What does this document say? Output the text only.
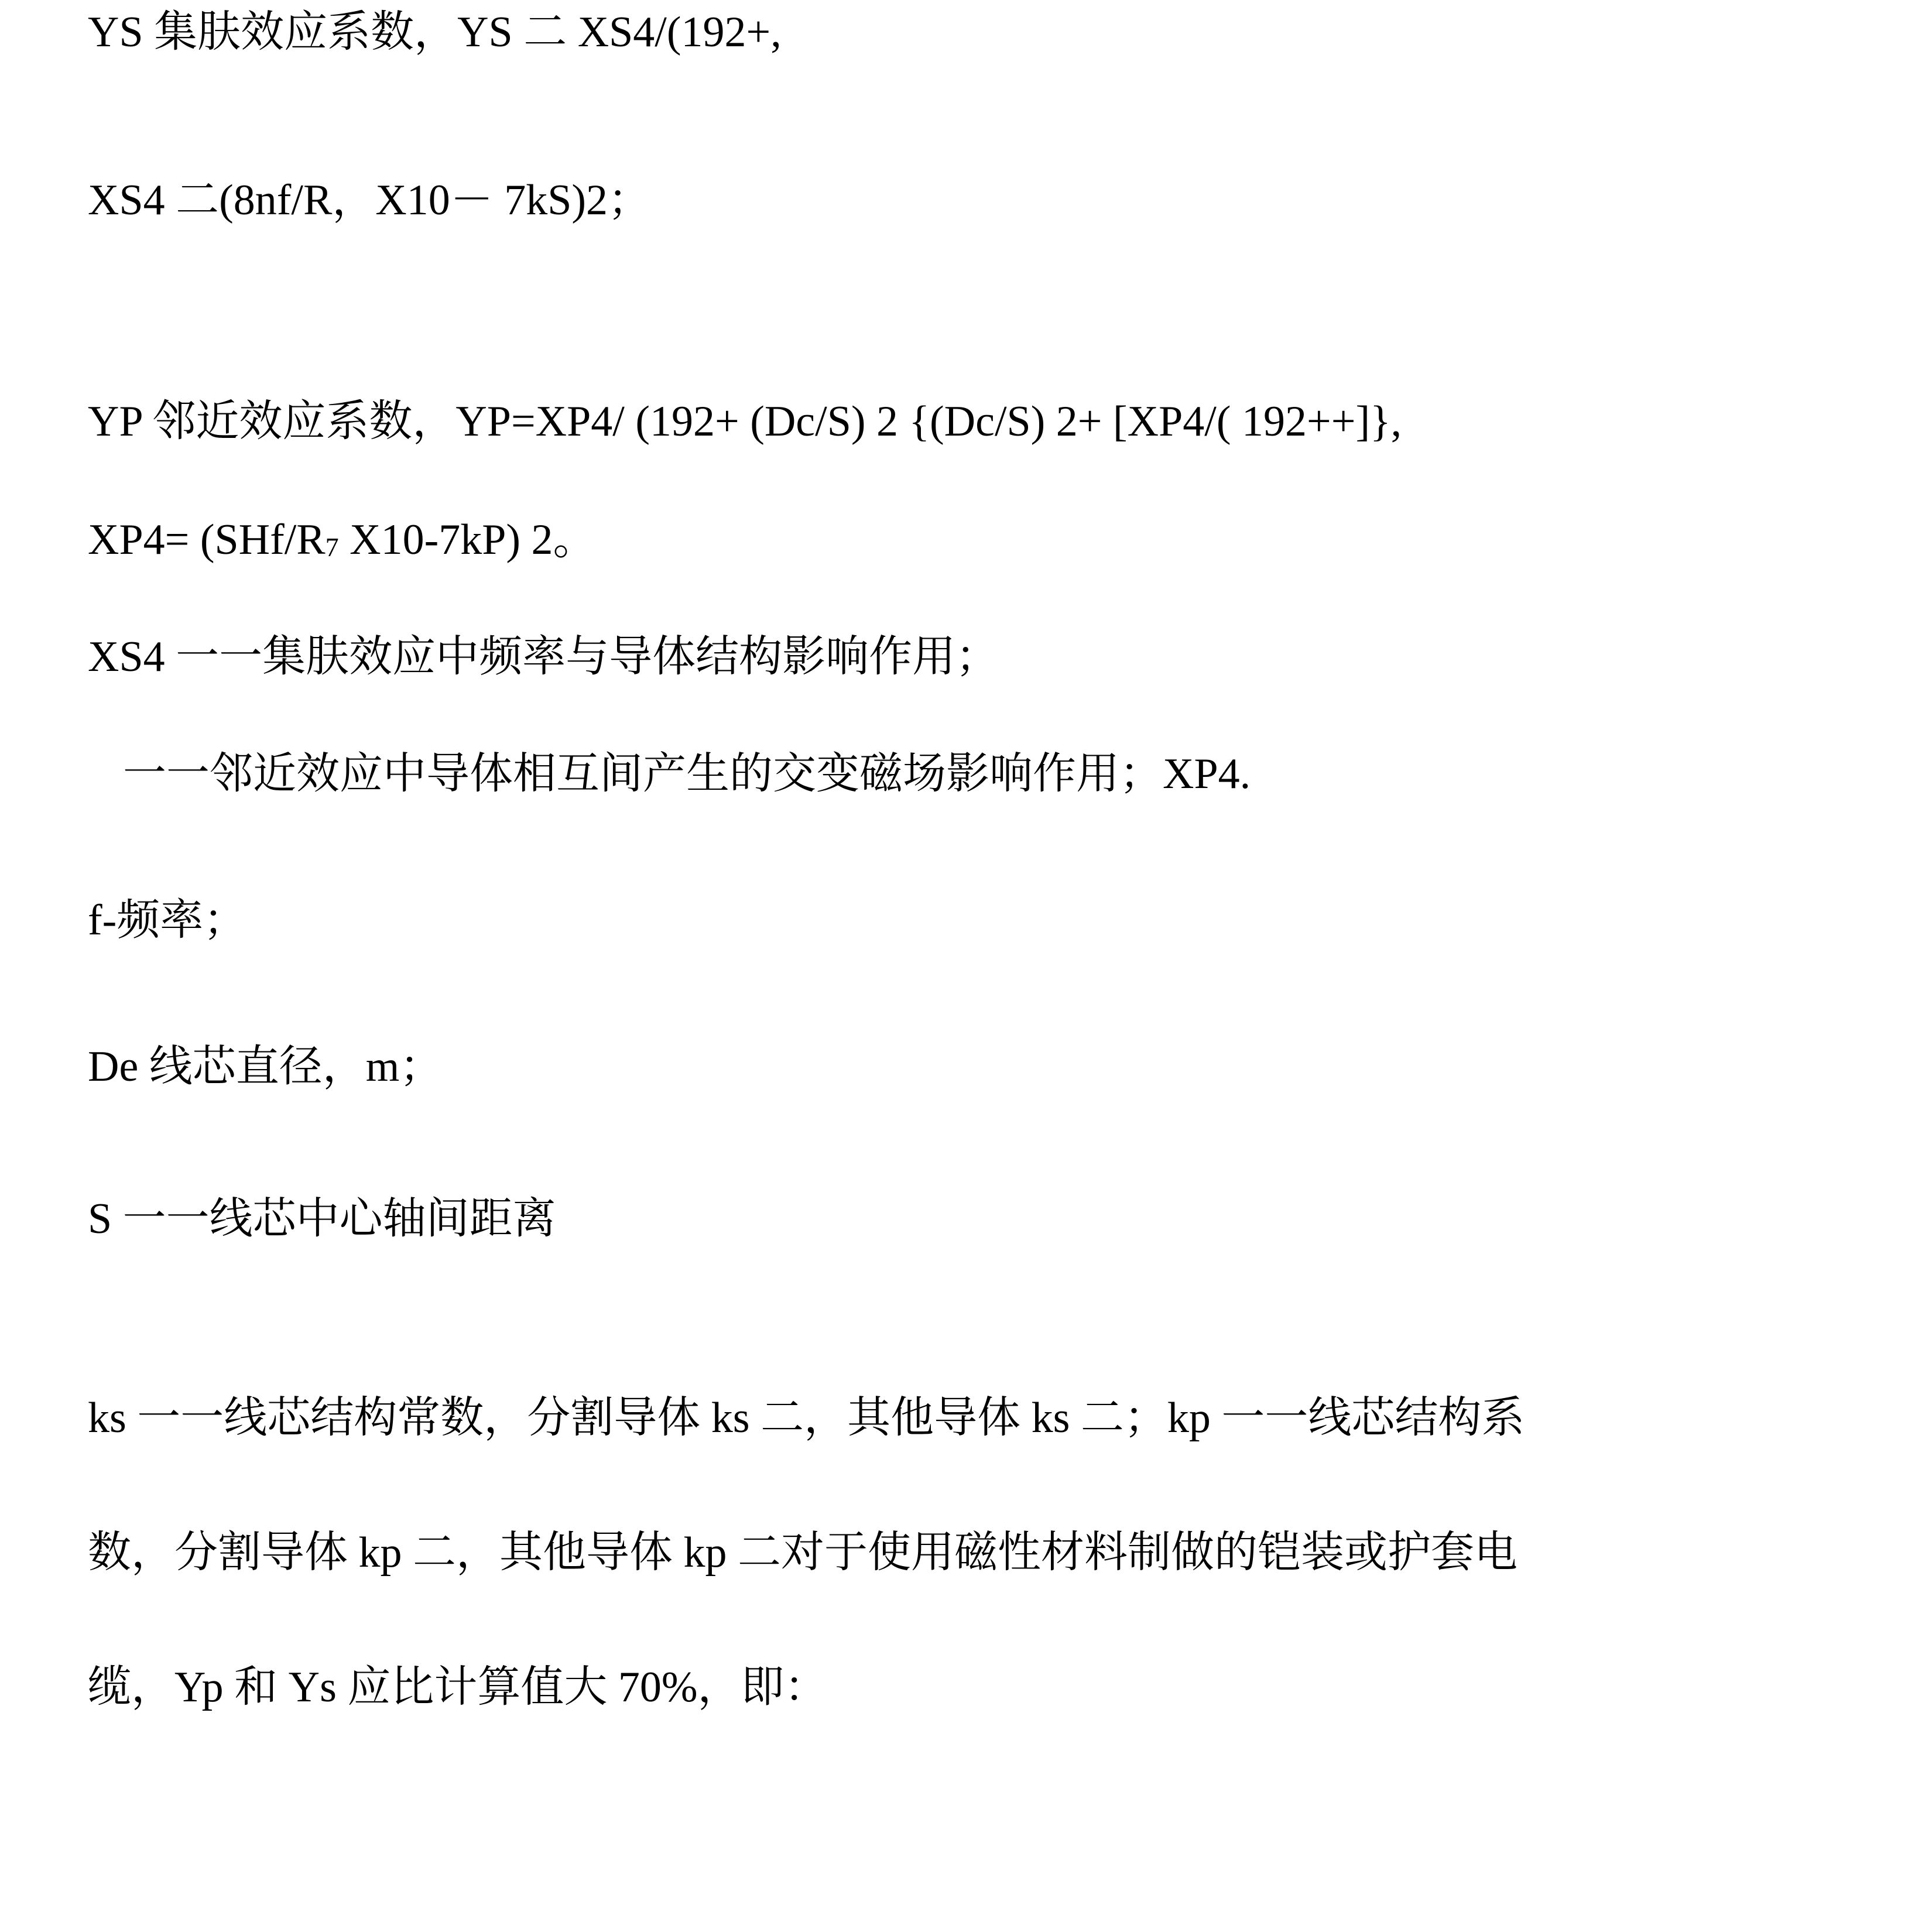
YS 集肤效应系数，YS 二 XS4/(192+,
XS4 二(8nf/R，X10－ 7kS)2；
YP 邻近效应系数，YP=XP4/ (192+ (Dc/S) 2 {(Dc/S) 2+ [XP4/( 192++]},
XP4= (SHf/R7 X10-7kP) 2。
XS4 一一集肤效应中频率与导体结构影响作用；
一一邻近效应中导体相互间产生的交变磁场影响作用；XP4.
f-频率；
De 线芯直径，m；
S 一一线芯中心轴间距离
ks 一一线芯结构常数，分割导体 ks 二，其他导体 ks 二；kp 一一线芯结构系
数，分割导体 kp 二，其他导体 kp 二对于使用磁性材料制做的铠装或护套电
缆，Yp 和 Ys 应比计算值大 70%，即：
